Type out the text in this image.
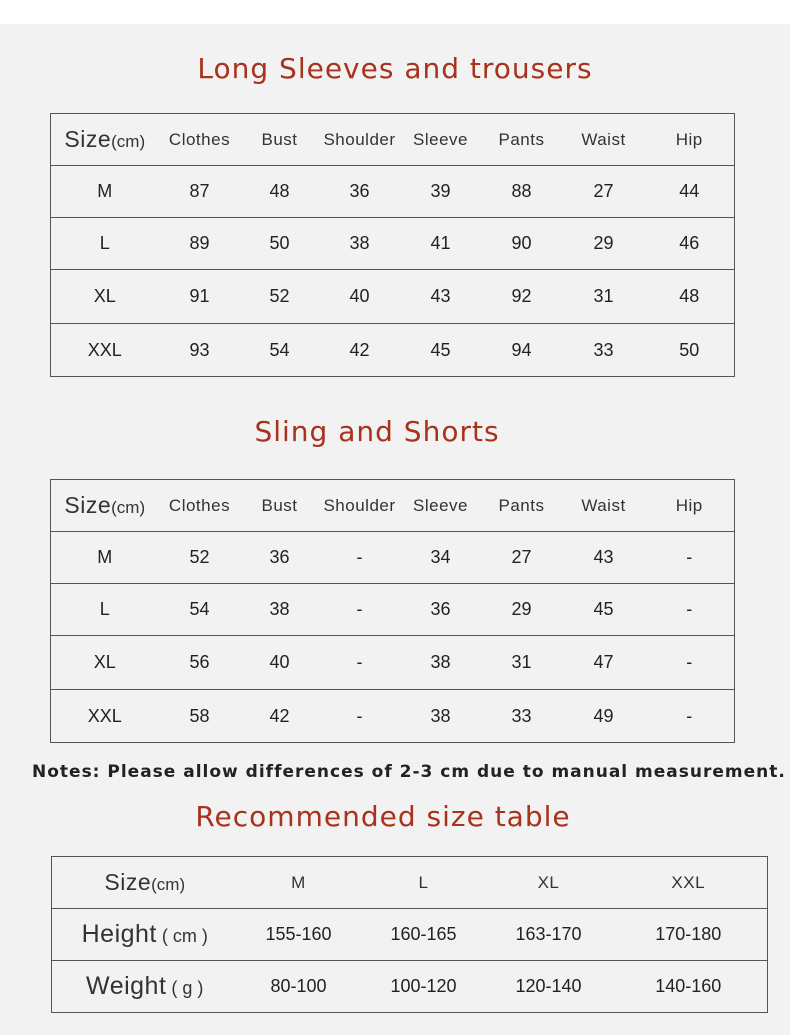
Long Sleeves and trousers
Size(cm)	Clothes	Bust	Shoulder	Sleeve	Pants	Waist	Hip
M	87	48	36	39	88	27	44
L	89	50	38	41	90	29	46
XL	91	52	40	43	92	31	48
XXL	93	54	42	45	94	33	50
Sling and Shorts
Size(cm)	Clothes	Bust	Shoulder	Sleeve	Pants	Waist	Hip
M	52	36	-	34	27	43	-
L	54	38	-	36	29	45	-
XL	56	40	-	38	31	47	-
XXL	58	42	-	38	33	49	-
Notes: Please allow differences of 2-3 cm due to manual measurement.
Recommended size table
Size(cm)	M	L	XL	XXL
Height ( cm )	155-160	160-165	163-170	170-180
Weight ( g )	80-100	100-120	120-140	140-160
